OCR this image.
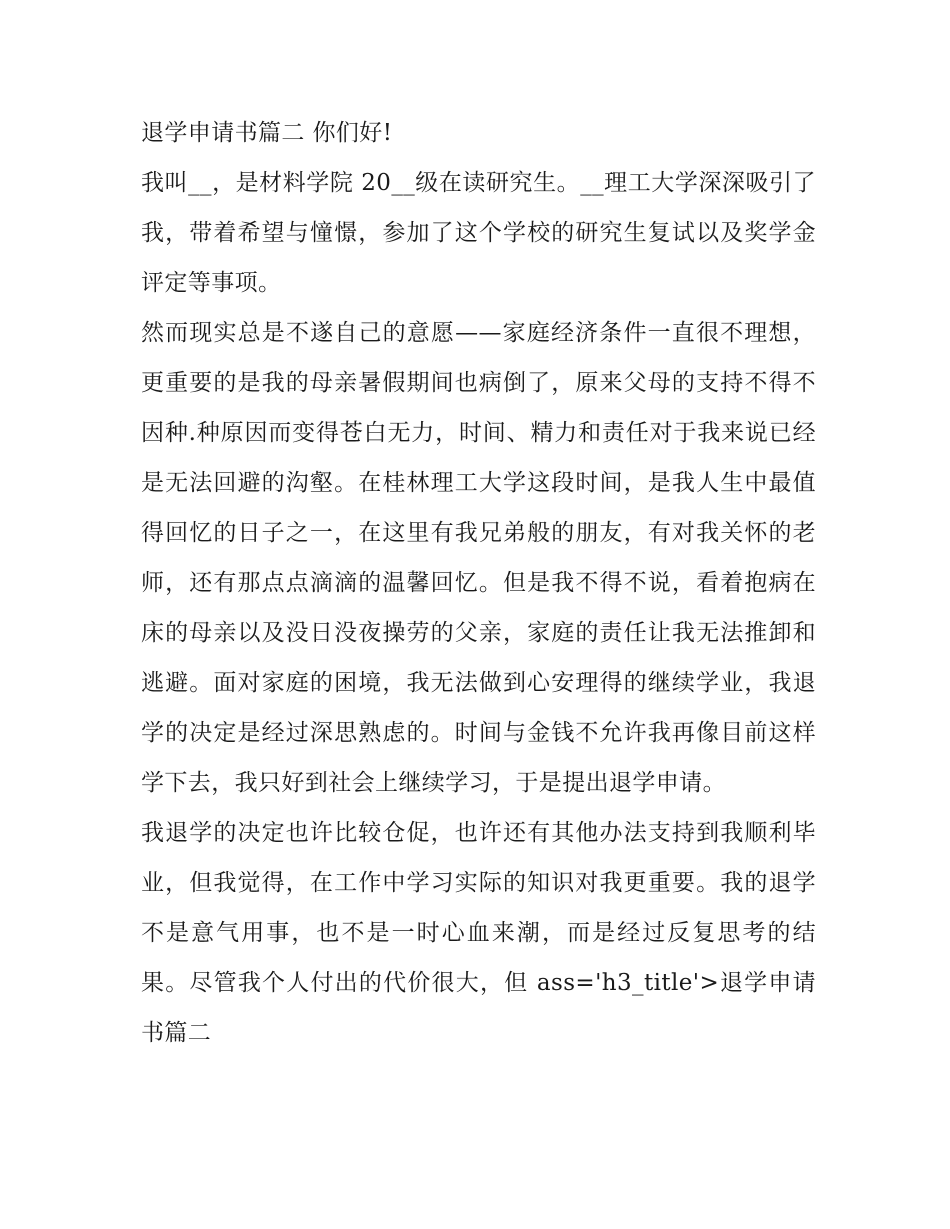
退学申请书篇二 你们好!

我叫__，是材料学院 20__级在读研究生。__理工大学深深吸引了我，带着希望与憧憬，参加了这个学校的研究生复试以及奖学金评定等事项。

然而现实总是不遂自己的意愿——家庭经济条件一直很不理想，更重要的是我的母亲暑假期间也病倒了，原来父母的支持不得不因种.种原因而变得苍白无力，时间、精力和责任对于我来说已经是无法回避的沟壑。在桂林理工大学这段时间，是我人生中最值得回忆的日子之一，在这里有我兄弟般的朋友，有对我关怀的老师，还有那点点滴滴的温馨回忆。但是我不得不说，看着抱病在床的母亲以及没日没夜操劳的父亲，家庭的责任让我无法推卸和逃避。面对家庭的困境，我无法做到心安理得的继续学业，我退学的决定是经过深思熟虑的。时间与金钱不允许我再像目前这样学下去，我只好到社会上继续学习，于是提出退学申请。

我退学的决定也许比较仓促，也许还有其他办法支持到我顺利毕业，但我觉得，在工作中学习实际的知识对我更重要。我的退学不是意气用事，也不是一时心血来潮，而是经过反复思考的结果。尽管我个人付出的代价很大，但 ass='h3_title'>退学申请书篇二
